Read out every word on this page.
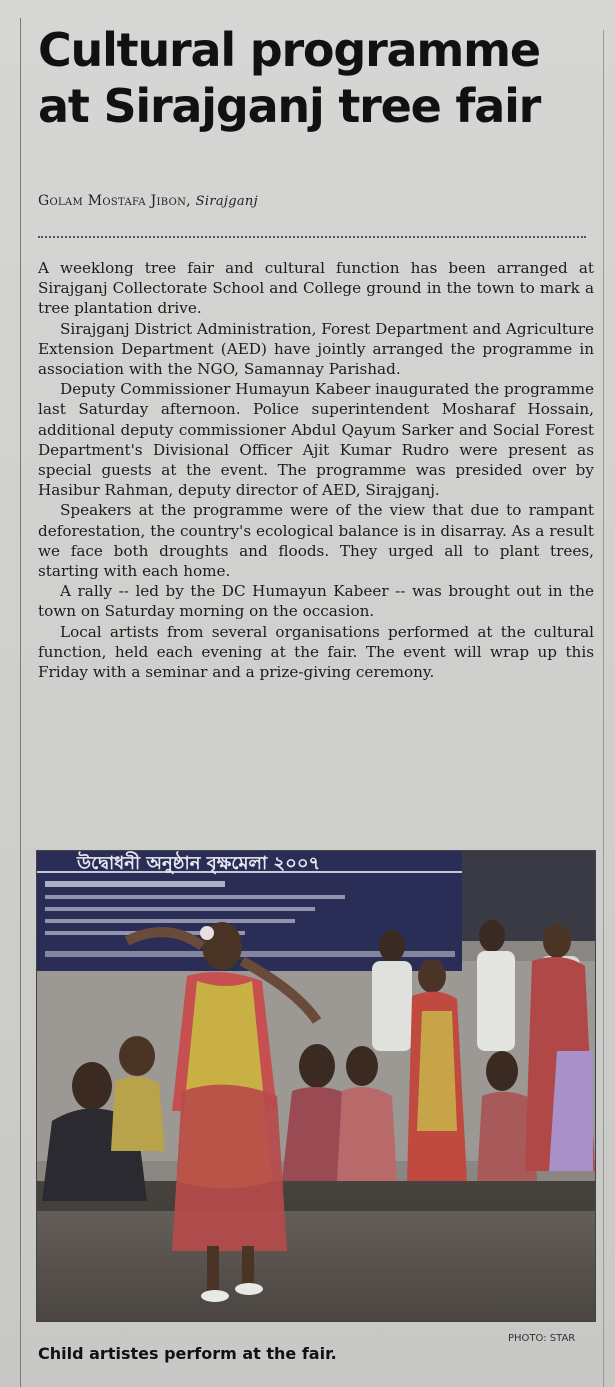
Cultural programme
at Sirajganj tree fair
Golam Mostafa Jibon, Sirajganj

A weeklong tree fair and cultural function has been arranged at Sirajganj Collectorate School and College ground in the town to mark a tree plantation drive.

Sirajganj District Administration, Forest Department and Agriculture Extension Department (AED) have jointly arranged the programme in association with the NGO, Samannay Parishad.

Deputy Commissioner Humayun Kabeer inaugurated the programme last Saturday afternoon. Police superintendent Mosharaf Hossain, additional deputy commissioner Abdul Qayum Sarker and Social Forest Department's Divisional Officer Ajit Kumar Rudro were present as special guests at the event. The programme was presided over by Hasibur Rahman, deputy director of AED, Sirajganj.

Speakers at the programme were of the view that due to rampant deforestation, the country's ecological balance is in disarray. As a result we face both droughts and floods. They urged all to plant trees, starting with each home.

A rally -- led by the DC Humayun Kabeer -- was brought out in the town on Saturday morning on the occasion.

Local artists from several organisations performed at the cultural function, held each evening at the fair. The event will wrap up this Friday with a seminar and a prize-giving ceremony.

উদ্বোধনী অনুষ্ঠান বৃক্ষমেলা ২০০৭
PHOTO: STAR
Child artistes perform at the fair.
